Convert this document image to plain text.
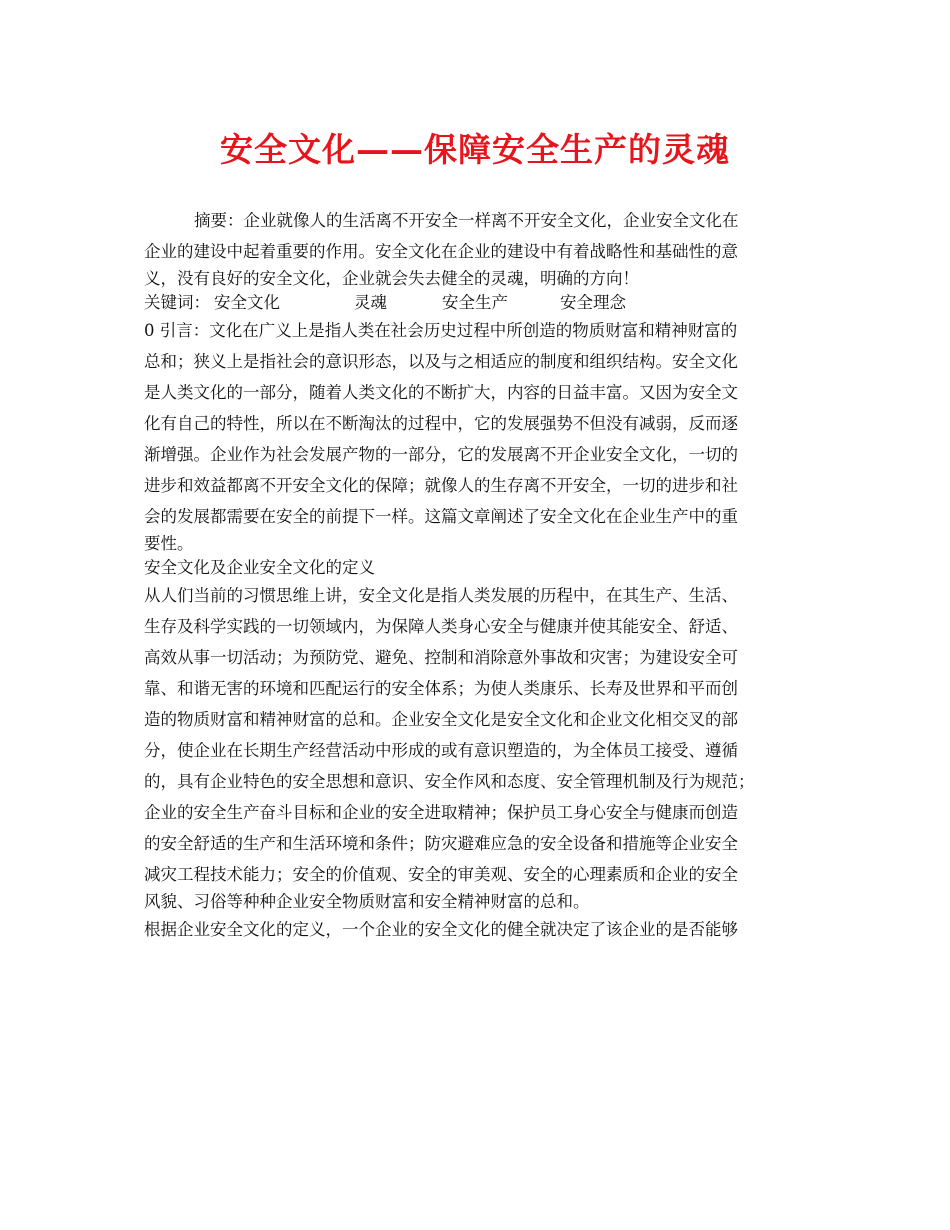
安全文化——保障安全生产的灵魂
摘要：企业就像人的生活离不开安全一样离不开安全文化，企业安全文化在
企业的建设中起着重要的作用。安全文化在企业的建设中有着战略性和基础性的意
义，没有良好的安全文化，企业就会失去健全的灵魂，明确的方向！
关键词： 安全文化	灵魂	安全生产	安全理念
0 引言：文化在广义上是指人类在社会历史过程中所创造的物质财富和精神财富的
总和；狭义上是指社会的意识形态，以及与之相适应的制度和组织结构。安全文化
是人类文化的一部分，随着人类文化的不断扩大，内容的日益丰富。又因为安全文
化有自己的特性，所以在不断淘汰的过程中，它的发展强势不但没有减弱，反而逐
渐增强。企业作为社会发展产物的一部分，它的发展离不开企业安全文化，一切的
进步和效益都离不开安全文化的保障；就像人的生存离不开安全，一切的进步和社
会的发展都需要在安全的前提下一样。这篇文章阐述了安全文化在企业生产中的重
要性。
安全文化及企业安全文化的定义
从人们当前的习惯思维上讲，安全文化是指人类发展的历程中，在其生产、生活、
生存及科学实践的一切领域内，为保障人类身心安全与健康并使其能安全、舒适、
高效从事一切活动；为预防党、避免、控制和消除意外事故和灾害；为建设安全可
靠、和谐无害的环境和匹配运行的安全体系；为使人类康乐、长寿及世界和平而创
造的物质财富和精神财富的总和。企业安全文化是安全文化和企业文化相交叉的部
分，使企业在长期生产经营活动中形成的或有意识塑造的，为全体员工接受、遵循
的，具有企业特色的安全思想和意识、安全作风和态度、安全管理机制及行为规范；
企业的安全生产奋斗目标和企业的安全进取精神；保护员工身心安全与健康而创造
的安全舒适的生产和生活环境和条件；防灾避难应急的安全设备和措施等企业安全
减灾工程技术能力；安全的价值观、安全的审美观、安全的心理素质和企业的安全
风貌、习俗等种种企业安全物质财富和安全精神财富的总和。
根据企业安全文化的定义，一个企业的安全文化的健全就决定了该企业的是否能够
